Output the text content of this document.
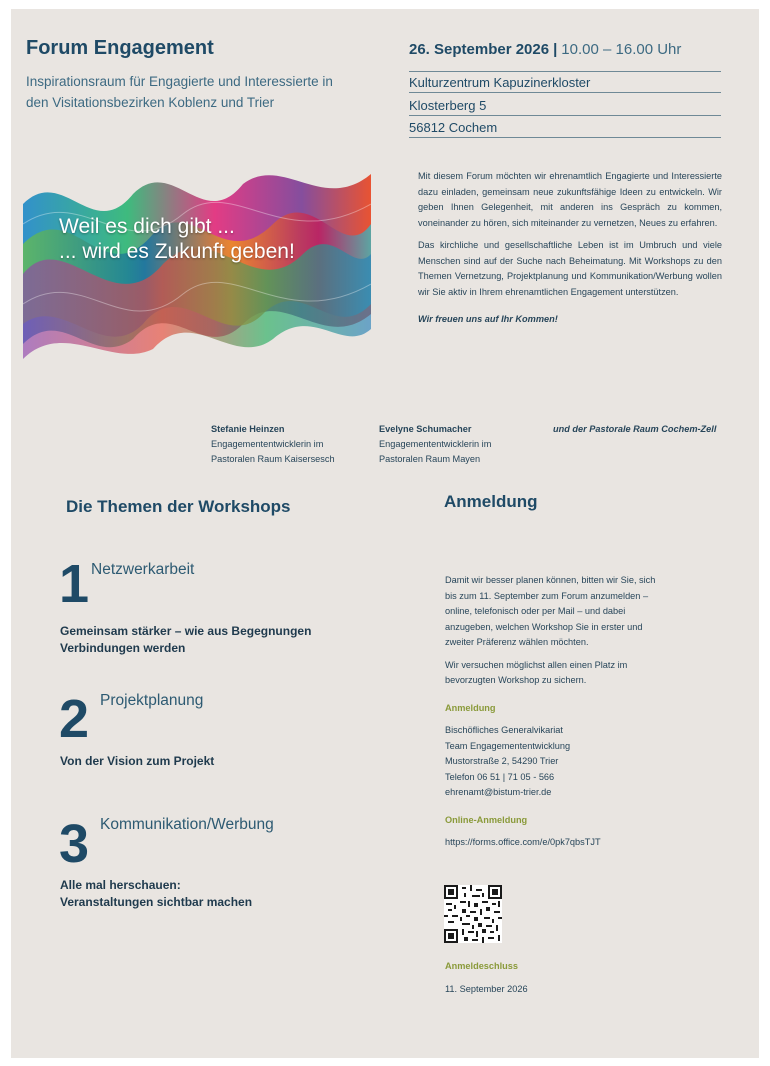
Forum Engagement
Inspirationsraum für Engagierte und Interessierte in den Visitationsbezirken Koblenz und Trier
26. September 2026 | 10.00 – 16.00 Uhr
Kulturzentrum Kapuzinerkloster
Klosterberg 5
56812 Cochem
Weil es dich gibt ...
... wird es Zukunft geben!

Mit diesem Forum möchten wir ehrenamtlich Engagierte und Interessierte dazu einladen, gemeinsam neue zukunftsfähige Ideen zu entwickeln. Wir geben Ihnen Gelegenheit, mit anderen ins Gespräch zu kommen, voneinander zu hören, sich miteinander zu vernetzen, Neues zu erfahren.

Das kirchliche und gesellschaftliche Leben ist im Umbruch und viele Menschen sind auf der Suche nach Beheimatung. Mit Workshops zu den Themen Vernetzung, Projektplanung und Kommunikation/Werbung wollen wir Sie aktiv in Ihrem ehrenamtlichen Engagement unterstützen.

Wir freuen uns auf Ihr Kommen!

Stefanie Heinzen
Engagemententwicklerin im
Pastoralen Raum Kaisersesch
Evelyne Schumacher
Engagemententwicklerin im
Pastoralen Raum Mayen
und der Pastorale Raum Cochem-Zell
Die Themen der Workshops
1 Netzwerkarbeit
Gemeinsam stärker – wie aus Begegnungen
Verbindungen werden
2 Projektplanung
Von der Vision zum Projekt
3 Kommunikation/Werbung
Alle mal herschauen:
Veranstaltungen sichtbar machen
Anmeldung

Damit wir besser planen können, bitten wir Sie, sich bis zum 11. September zum Forum anzumelden – online, telefonisch oder per Mail – und dabei anzugeben, welchen Workshop Sie in erster und zweiter Präferenz wählen möchten.

Wir versuchen möglichst allen einen Platz im bevorzugten Workshop zu sichern.

Anmeldung

Bischöfliches Generalvikariat

Team Engagemententwicklung

Mustorstraße 2, 54290 Trier

Telefon 06 51 | 71 05 - 566

ehrenamt@bistum-trier.de

Online-Anmeldung

https://forms.office.com/e/0pk7qbsTJT

Anmeldeschluss

11. September 2026
